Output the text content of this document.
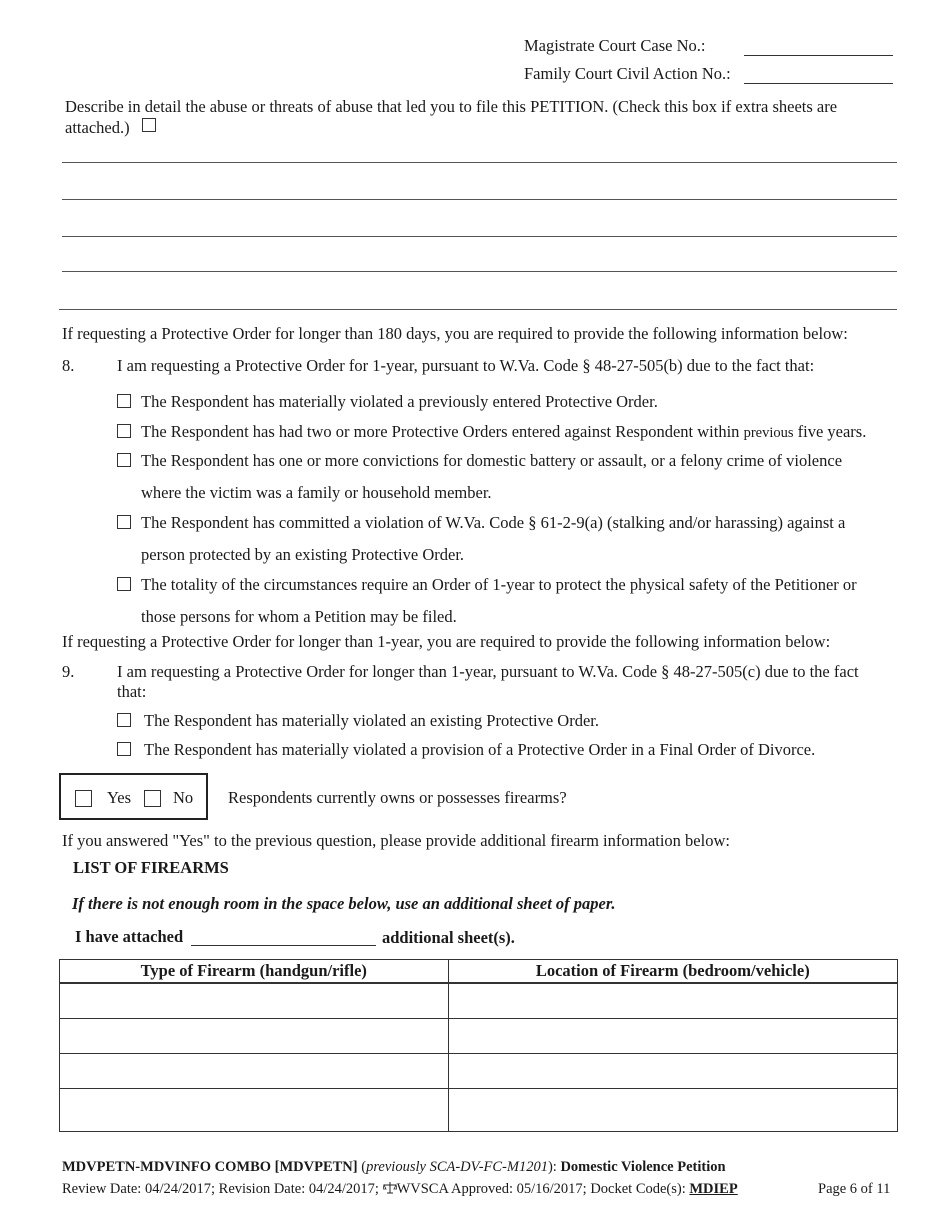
Magistrate Court Case No.:
Family Court Civil Action No.:
Describe in detail the abuse or threats of abuse that led you to file this PETITION. (Check this box if extra sheets are
attached.)
If requesting a Protective Order for longer than 180 days, you are required to provide the following information below:
8.	I am requesting a Protective Order for 1-year, pursuant to W.Va. Code § 48-27-505(b) due to the fact that:
The Respondent has materially violated a previously entered Protective Order.
The Respondent has had two or more Protective Orders entered against Respondent within previous five years.
The Respondent has one or more convictions for domestic battery or assault, or a felony crime of violence
where the victim was a family or household member.
The Respondent has committed a violation of W.Va. Code § 61-2-9(a) (stalking and/or harassing) against a
person protected by an existing Protective Order.
The totality of the circumstances require an Order of 1-year to protect the physical safety of the Petitioner or
those persons for whom a Petition may be filed.
If requesting a Protective Order for longer than 1-year, you are required to provide the following information below:
9.	I am requesting a Protective Order for longer than 1-year, pursuant to W.Va. Code § 48-27-505(c) due to the fact
that:
The Respondent has materially violated an existing Protective Order.
The Respondent has materially violated a provision of a Protective Order in a Final Order of Divorce.
Yes	No Respondents currently owns or possesses firearms?
If you answered "Yes" to the previous question, please provide additional firearm information below:
LIST OF FIREARMS
If there is not enough room in the space below, use an additional sheet of paper.
I have attached	additional sheet(s).
Type of Firearm (handgun/rifle)	Location of Firearm (bedroom/vehicle)

MDVPETN-MDVINFO COMBO [MDVPETN] (previously SCA-DV-FC-M1201): Domestic Violence Petition
Review Date: 04/24/2017; Revision Date: 04/24/2017; WVSCA Approved: 05/16/2017; Docket Code(s): MDIEP	Page 6 of 11
